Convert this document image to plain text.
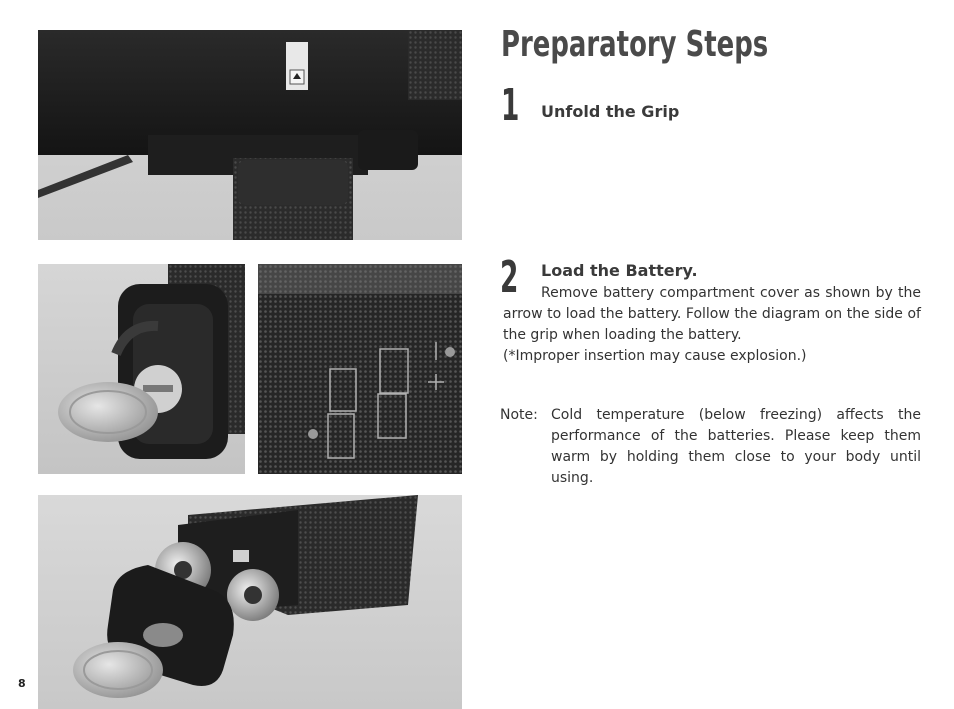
8
Preparatory Steps
1 Unfold the Grip
2 Load the Battery.
Remove battery compartment cover as shown by the arrow to load the battery. Follow the diagram on the side of the grip when loading the battery.
(*Improper insertion may cause explosion.)
Note: Cold temperature (below freezing) affects the performance of the batteries. Please keep them warm by holding them close to your body until using.
